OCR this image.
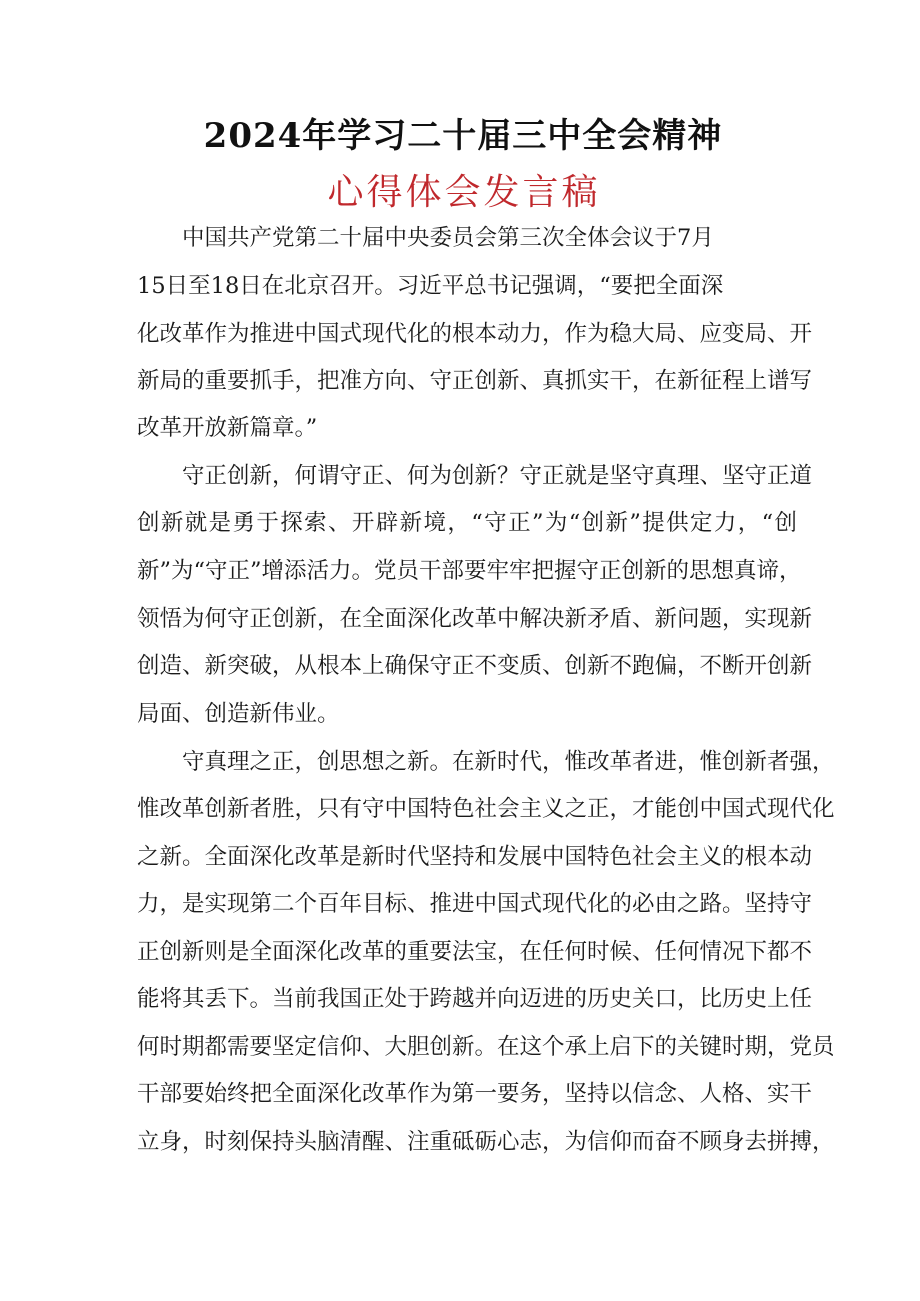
2024年学习二十届三中全会精神
心得体会发言稿
中国共产党第二十届中央委员会第三次全体会议于7月
15日至18日在北京召开。习近平总书记强调，“要把全面深
化改革作为推进中国式现代化的根本动力，作为稳大局、应变局、开
新局的重要抓手，把准方向、守正创新、真抓实干，在新征程上谱写
改革开放新篇章。”
守正创新，何谓守正、何为创新？守正就是坚守真理、坚守正道
创新就是勇于探索、开辟新境，“守正”为“创新”提供定力，“创
新”为“守正”增添活力。党员干部要牢牢把握守正创新的思想真谛，
领悟为何守正创新，在全面深化改革中解决新矛盾、新问题，实现新
创造、新突破，从根本上确保守正不变质、创新不跑偏，不断开创新
局面、创造新伟业。
守真理之正，创思想之新。在新时代，惟改革者进，惟创新者强，
惟改革创新者胜，只有守中国特色社会主义之正，才能创中国式现代化
之新。全面深化改革是新时代坚持和发展中国特色社会主义的根本动
力，是实现第二个百年目标、推进中国式现代化的必由之路。坚持守
正创新则是全面深化改革的重要法宝，在任何时候、任何情况下都不
能将其丢下。当前我国正处于跨越并向迈进的历史关口，比历史上任
何时期都需要坚定信仰、大胆创新。在这个承上启下的关键时期，党员
干部要始终把全面深化改革作为第一要务，坚持以信念、人格、实干
立身，时刻保持头脑清醒、注重砥砺心志，为信仰而奋不顾身去拼搏，
